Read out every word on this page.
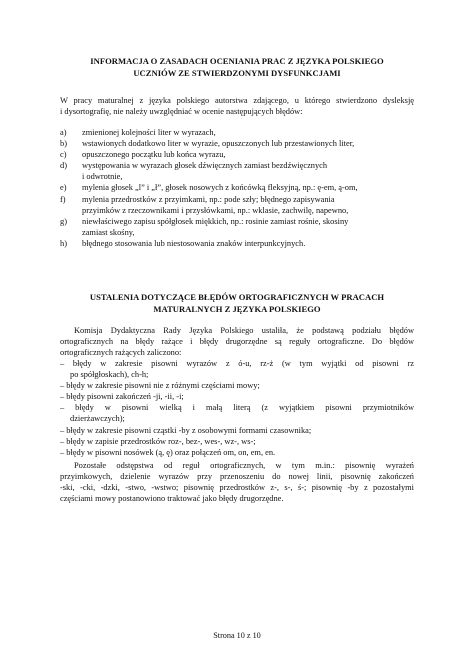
INFORMACJA O ZASADACH OCENIANIA PRAC Z JĘZYKA POLSKIEGO
UCZNIÓW ZE STWIERDZONYMI DYSFUNKCJAMI
W pracy maturalnej z języka polskiego autorstwa zdającego, u którego stwierdzono dysleksję
i dysortografię, nie należy uwzględniać w ocenie następujących błędów:
a) zmienionej kolejności liter w wyrazach,
b) wstawionych dodatkowo liter w wyrazie, opuszczonych lub przestawionych liter,
c) opuszczonego początku lub końca wyrazu,
d) występowania w wyrazach głosek dźwięcznych zamiast bezdźwięcznych
i odwrotnie,
e) mylenia głosek „l” i „ł”, głosek nosowych z końcówką fleksyjną, np.: ę-em, ą-om,
f) mylenia przedrostków z przyimkami, np.: pode szły; błędnego zapisywania
przyimków z rzeczownikami i przysłówkami, np.: wklasie, zachwilę, napewno,
g) niewłaściwego zapisu spółgłosek miękkich, np.: rosinie zamiast rośnie, skosiny
zamiast skośny,
h) błędnego stosowania lub niestosowania znaków interpunkcyjnych.
USTALENIA DOTYCZĄCE BŁĘDÓW ORTOGRAFICZNYCH W PRACACH
MATURALNYCH Z JĘZYKA POLSKIEGO
Komisja Dydaktyczna Rady Języka Polskiego ustaliła, że podstawą podziału błędów
ortograficznych na błędy rażące i błędy drugorzędne są reguły ortograficzne. Do błędów
ortograficznych rażących zaliczono:
– błędy w zakresie pisowni wyrazów z ó-u, rz-ż (w tym wyjątki od pisowni rz
po spółgłoskach), ch-h;
– błędy w zakresie pisowni nie z różnymi częściami mowy;
– błędy pisowni zakończeń -ji, -ii, -i;
– błędy w pisowni wielką i małą literą (z wyjątkiem pisowni przymiotników
dzierżawczych);
– błędy w zakresie pisowni cząstki -by z osobowymi formami czasownika;
– błędy w zapisie przedrostków roz-, bez-, wes-, wz-, ws-;
– błędy w pisowni nosówek (ą, ę) oraz połączeń om, on, em, en.
Pozostałe odstępstwa od reguł ortograficznych, w tym m.in.: pisownię wyrażeń
przyimkowych, dzielenie wyrazów przy przenoszeniu do nowej linii, pisownię zakończeń
-ski, -cki, -dzki, -stwo, -wstwo; pisownię przedrostków z-, s-, ś-; pisownię -by z pozostałymi
częściami mowy postanowiono traktować jako błędy drugorzędne.
Strona 10 z 10
